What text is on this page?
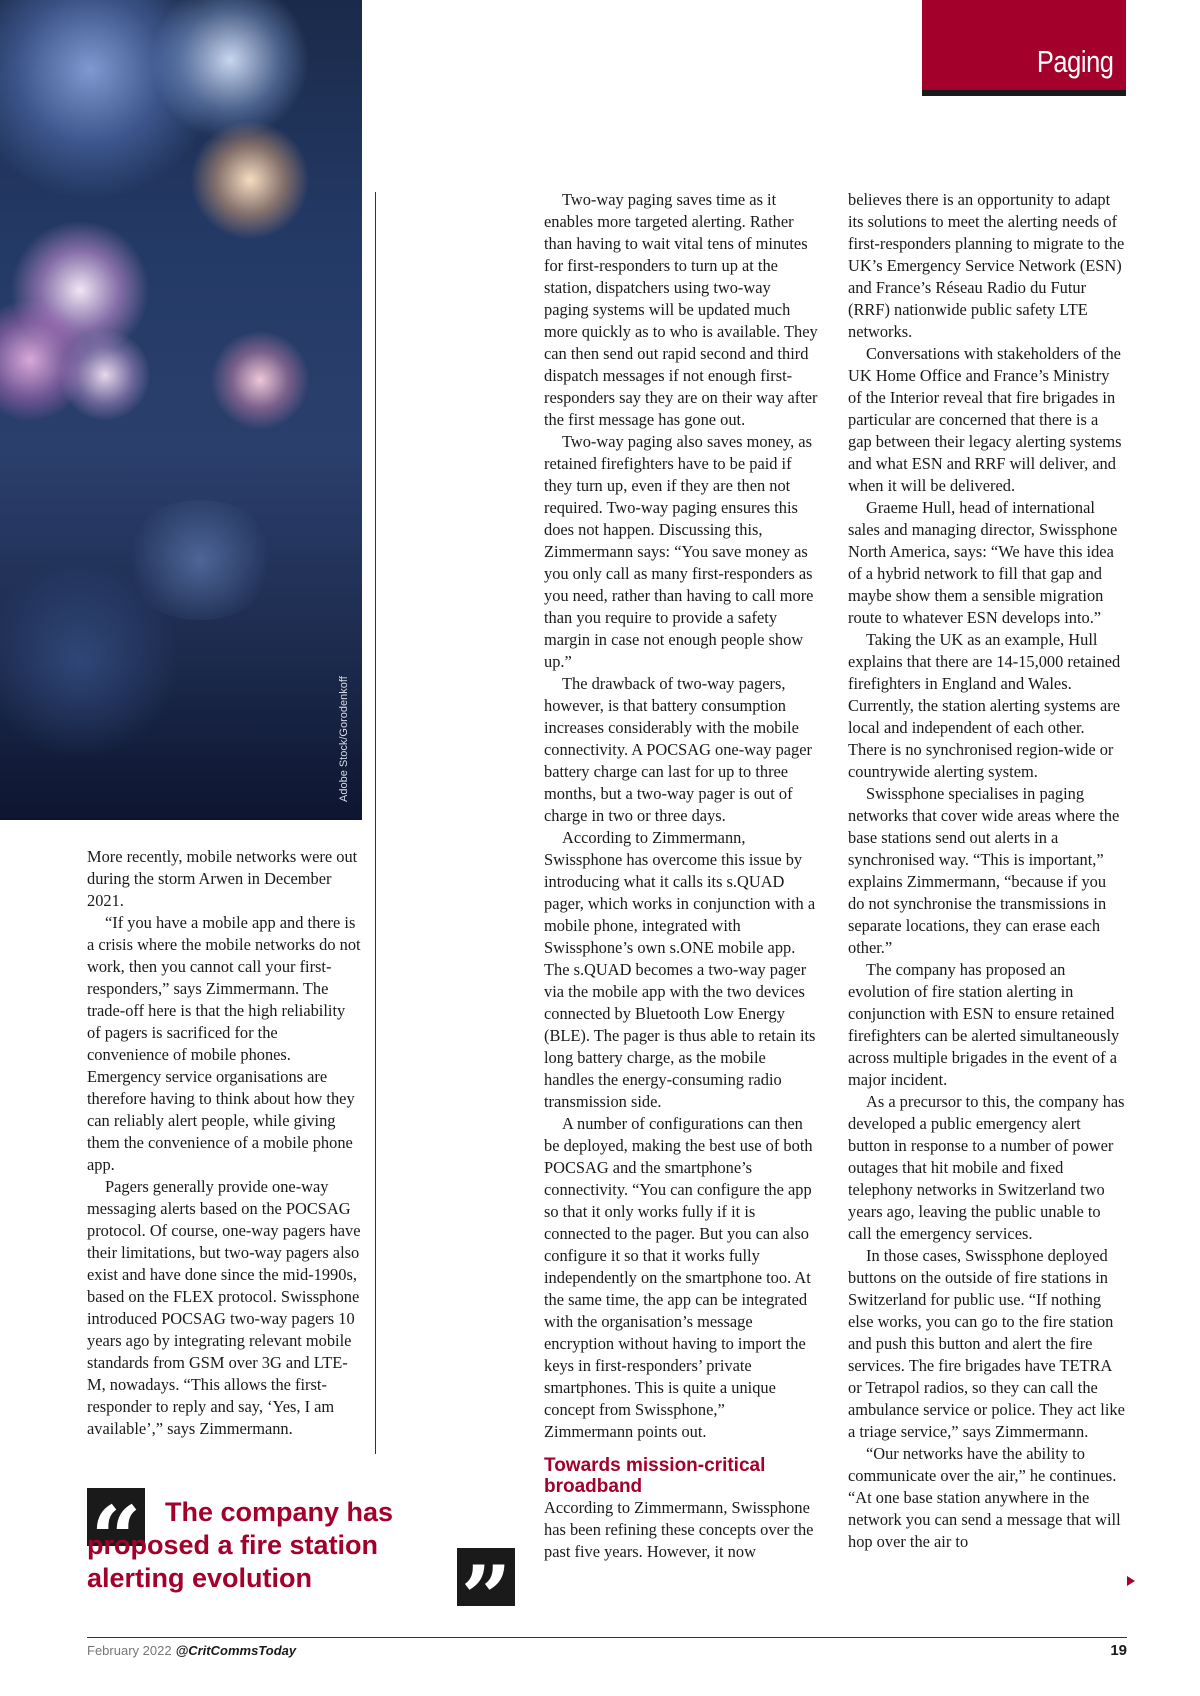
Adobe Stock/Gorodenkoff
Paging

More recently, mobile networks were out during the storm Arwen in December 2021.

“If you have a mobile app and there is a crisis where the mobile networks do not work, then you cannot call your first-responders,” says Zimmermann. The trade-off here is that the high reliability of pagers is sacrificed for the convenience of mobile phones. Emergency service organisations are therefore having to think about how they can reliably alert people, while giving them the convenience of a mobile phone app.

Pagers generally provide one-way messaging alerts based on the POCSAG protocol. Of course, one-way pagers have their limitations, but two-way pagers also exist and have done since the mid-1990s, based on the FLEX protocol. Swissphone introduced POCSAG two-way pagers 10 years ago by integrating relevant mobile standards from GSM over 3G and LTE-M, nowadays. “This allows the first-responder to reply and say, ‘Yes, I am available’,” says Zimmermann.

“ The company has proposed a fire station alerting evolution	”

Two-way paging saves time as it enables more targeted alerting. Rather than having to wait vital tens of minutes for first-responders to turn up at the station, dispatchers using two-way paging systems will be updated much more quickly as to who is available. They can then send out rapid second and third dispatch messages if not enough first-responders say they are on their way after the first message has gone out.

Two-way paging also saves money, as retained firefighters have to be paid if they turn up, even if they are then not required. Two-way paging ensures this does not happen. Discussing this, Zimmermann says: “You save money as you only call as many first-responders as you need, rather than having to call more than you require to provide a safety margin in case not enough people show up.”

The drawback of two-way pagers, however, is that battery consumption increases considerably with the mobile connectivity. A POCSAG one-way pager battery charge can last for up to three months, but a two-way pager is out of charge in two or three days.

According to Zimmermann, Swissphone has overcome this issue by introducing what it calls its s.QUAD pager, which works in conjunction with a mobile phone, integrated with Swissphone’s own s.ONE mobile app. The s.QUAD becomes a two-way pager via the mobile app with the two devices connected by Bluetooth Low Energy (BLE). The pager is thus able to retain its long battery charge, as the mobile handles the energy-consuming radio transmission side.

A number of configurations can then be deployed, making the best use of both POCSAG and the smartphone’s connectivity. “You can configure the app so that it only works fully if it is connected to the pager. But you can also configure it so that it works fully independently on the smartphone too. At the same time, the app can be integrated with the organisation’s message encryption without having to import the keys in first-responders’ private smartphones. This is quite a unique concept from Swissphone,” Zimmermann points out.

Towards mission-critical broadband

According to Zimmermann, Swissphone has been refining these concepts over the past five years. However, it now

believes there is an opportunity to adapt its solutions to meet the alerting needs of first-responders planning to migrate to the UK’s Emergency Service Network (ESN) and France’s Réseau Radio du Futur (RRF) nationwide public safety LTE networks.

Conversations with stakeholders of the UK Home Office and France’s Ministry of the Interior reveal that fire brigades in particular are concerned that there is a gap between their legacy alerting systems and what ESN and RRF will deliver, and when it will be delivered.

Graeme Hull, head of international sales and managing director, Swissphone North America, says: “We have this idea of a hybrid network to fill that gap and maybe show them a sensible migration route to whatever ESN develops into.”

Taking the UK as an example, Hull explains that there are 14-15,000 retained firefighters in England and Wales. Currently, the station alerting systems are local and independent of each other. There is no synchronised region-wide or countrywide alerting system.

Swissphone specialises in paging networks that cover wide areas where the base stations send out alerts in a synchronised way. “This is important,” explains Zimmermann, “because if you do not synchronise the transmissions in separate locations, they can erase each other.”

The company has proposed an evolution of fire station alerting in conjunction with ESN to ensure retained firefighters can be alerted simultaneously across multiple brigades in the event of a major incident.

As a precursor to this, the company has developed a public emergency alert button in response to a number of power outages that hit mobile and fixed telephony networks in Switzerland two years ago, leaving the public unable to call the emergency services.

In those cases, Swissphone deployed buttons on the outside of fire stations in Switzerland for public use. “If nothing else works, you can go to the fire station and push this button and alert the fire services. The fire brigades have TETRA or Tetrapol radios, so they can call the ambulance service or police. They act like a triage service,” says Zimmermann.

“Our networks have the ability to communicate over the air,” he continues. “At one base station anywhere in the network you can send a message that will hop over the air to

February 2022 @CritCommsToday	19
